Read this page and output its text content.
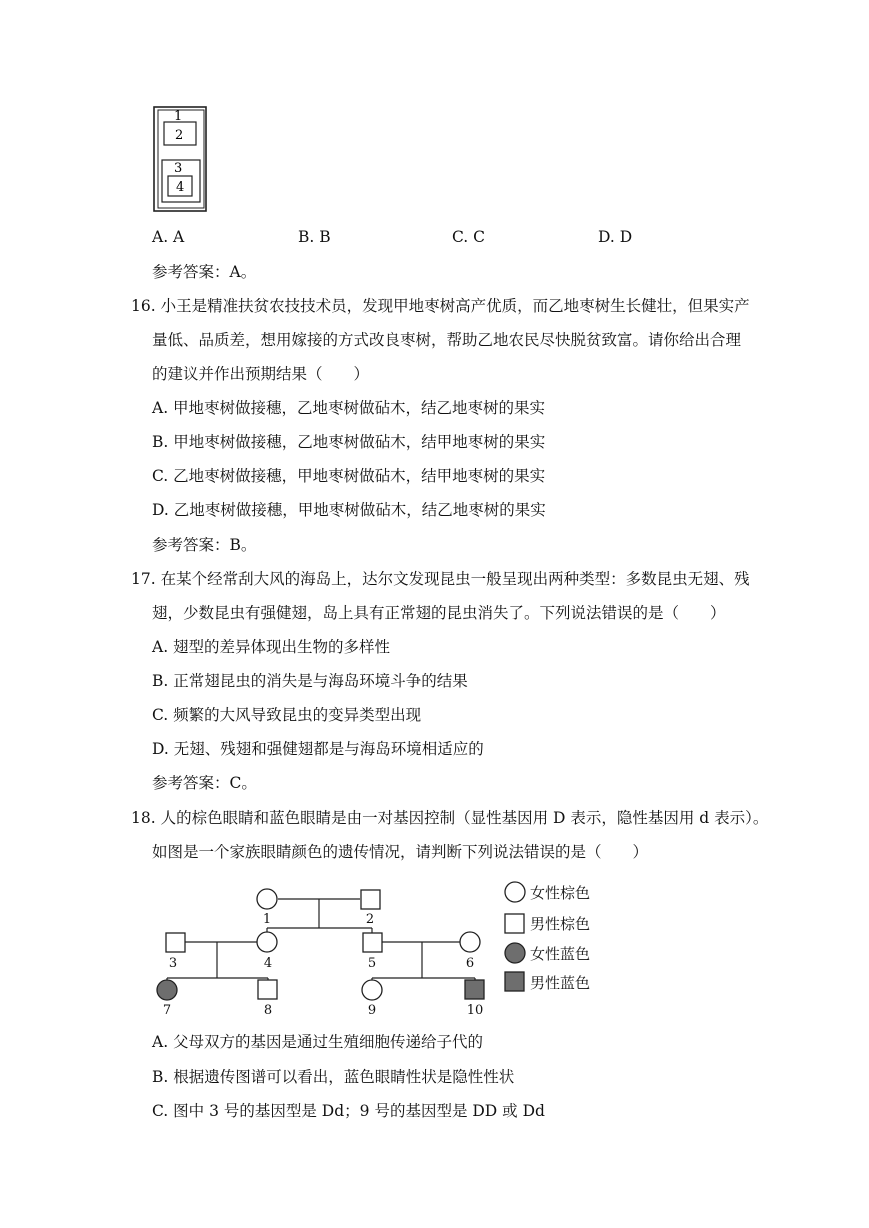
1
2
3
4
A. A	B. B	C. C	D. D
参考答案：A。
16. 小王是精准扶贫农技技术员，发现甲地枣树高产优质，而乙地枣树生长健壮，但果实产
量低、品质差，想用嫁接的方式改良枣树，帮助乙地农民尽快脱贫致富。请你给出合理
的建议并作出预期结果（　　）
A. 甲地枣树做接穗，乙地枣树做砧木，结乙地枣树的果实
B. 甲地枣树做接穗，乙地枣树做砧木，结甲地枣树的果实
C. 乙地枣树做接穗，甲地枣树做砧木，结甲地枣树的果实
D. 乙地枣树做接穗，甲地枣树做砧木，结乙地枣树的果实
参考答案：B。
17. 在某个经常刮大风的海岛上，达尔文发现昆虫一般呈现出两种类型：多数昆虫无翅、残
翅，少数昆虫有强健翅，岛上具有正常翅的昆虫消失了。下列说法错误的是（　　）
A. 翅型的差异体现出生物的多样性
B. 正常翅昆虫的消失是与海岛环境斗争的结果
C. 频繁的大风导致昆虫的变异类型出现
D. 无翅、残翅和强健翅都是与海岛环境相适应的
参考答案：C。
18. 人的棕色眼睛和蓝色眼睛是由一对基因控制（显性基因用 D 表示，隐性基因用 d 表示）。
如图是一个家族眼睛颜色的遗传情况，请判断下列说法错误的是（　　）
1	2
3	4	5	6
7	8	9	10
女性棕色
男性棕色
女性蓝色
男性蓝色
A. 父母双方的基因是通过生殖细胞传递给子代的
B. 根据遗传图谱可以看出，蓝色眼睛性状是隐性性状
C. 图中 3 号的基因型是 Dd；9 号的基因型是 DD 或 Dd
